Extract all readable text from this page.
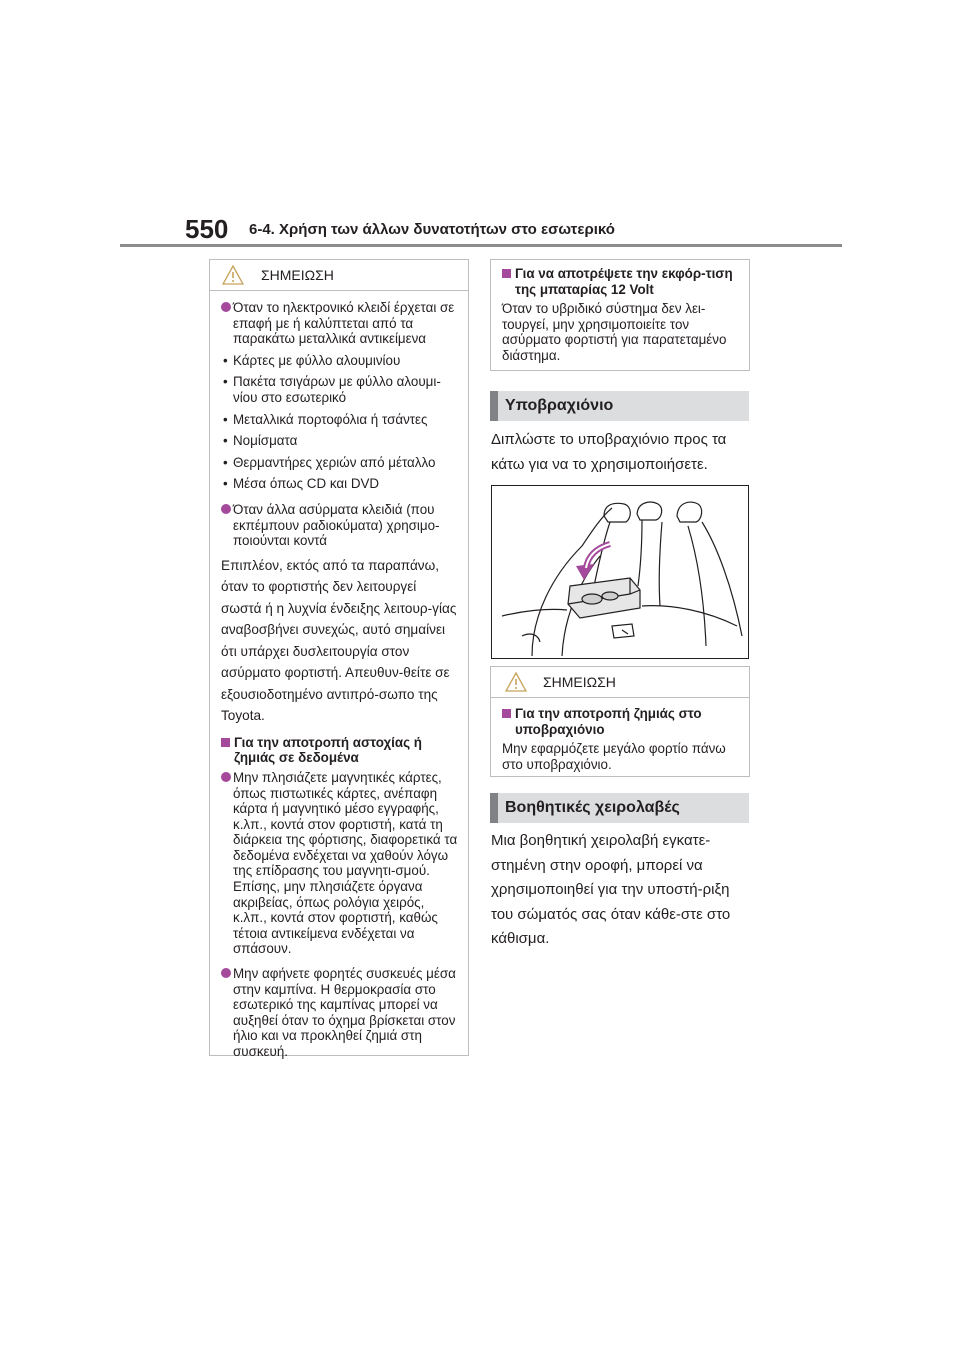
550 6-4. Χρήση των άλλων δυνατοτήτων στο εσωτερικό
ΣΗΜΕΙΩΣΗ
Όταν το ηλεκτρονικό κλειδί έρχεται σε επαφή με ή καλύπτεται από τα παρακάτω μεταλλικά αντικείμενα
• Κάρτες με φύλλο αλουμινίου
• Πακέτα τσιγάρων με φύλλο αλουμι-νίου στο εσωτερικό
• Μεταλλικά πορτοφόλια ή τσάντες
• Νομίσματα
• Θερμαντήρες χεριών από μέταλλο
• Μέσα όπως CD και DVD
Όταν άλλα ασύρματα κλειδιά (που εκπέμπουν ραδιοκύματα) χρησιμο-ποιούνται κοντά
Επιπλέον, εκτός από τα παραπάνω, όταν το φορτιστής δεν λειτουργεί σωστά ή η λυχνία ένδειξης λειτουρ-γίας αναβοσβήνει συνεχώς, αυτό σημαίνει ότι υπάρχει δυσλειτουργία στον ασύρματο φορτιστή. Απευθυν-θείτε σε εξουσιοδοτημένο αντιπρό-σωπο της Toyota.
Για την αποτροπή αστοχίας ή ζημιάς σε δεδομένα
Μην πλησιάζετε μαγνητικές κάρτες, όπως πιστωτικές κάρτες, ανέπαφη κάρτα ή μαγνητικό μέσο εγγραφής, κ.λπ., κοντά στον φορτιστή, κατά τη διάρκεια της φόρτισης, διαφορετικά τα δεδομένα ενδέχεται να χαθούν λόγω της επίδρασης του μαγνητι-σμού. Επίσης, μην πλησιάζετε όργανα ακριβείας, όπως ρολόγια χειρός, κ.λπ., κοντά στον φορτιστή, καθώς τέτοια αντικείμενα ενδέχεται να σπάσουν.
Μην αφήνετε φορητές συσκευές μέσα στην καμπίνα. Η θερμοκρασία στο εσωτερικό της καμπίνας μπορεί να αυξηθεί όταν το όχημα βρίσκεται στον ήλιο και να προκληθεί ζημιά στη συσκευή.
Για να αποτρέψετε την εκφόρ-τιση της μπαταρίας 12 Volt
Όταν το υβριδικό σύστημα δεν λει-τουργεί, μην χρησιμοποιείτε τον ασύρματο φορτιστή για παρατεταμένο διάστημα.
Υποβραχιόνιο
Διπλώστε το υποβραχιόνιο προς τα κάτω για να το χρησιμοποιήσετε.
ΣΗΜΕΙΩΣΗ
Για την αποτροπή ζημιάς στο υποβραχιόνιο
Μην εφαρμόζετε μεγάλο φορτίο πάνω στο υποβραχιόνιο.
Βοηθητικές χειρολαβές
Μια βοηθητική χειρολαβή εγκατε-στημένη στην οροφή, μπορεί να χρησιμοποιηθεί για την υποστή-ριξη του σώματός σας όταν κάθε-στε στο κάθισμα.
